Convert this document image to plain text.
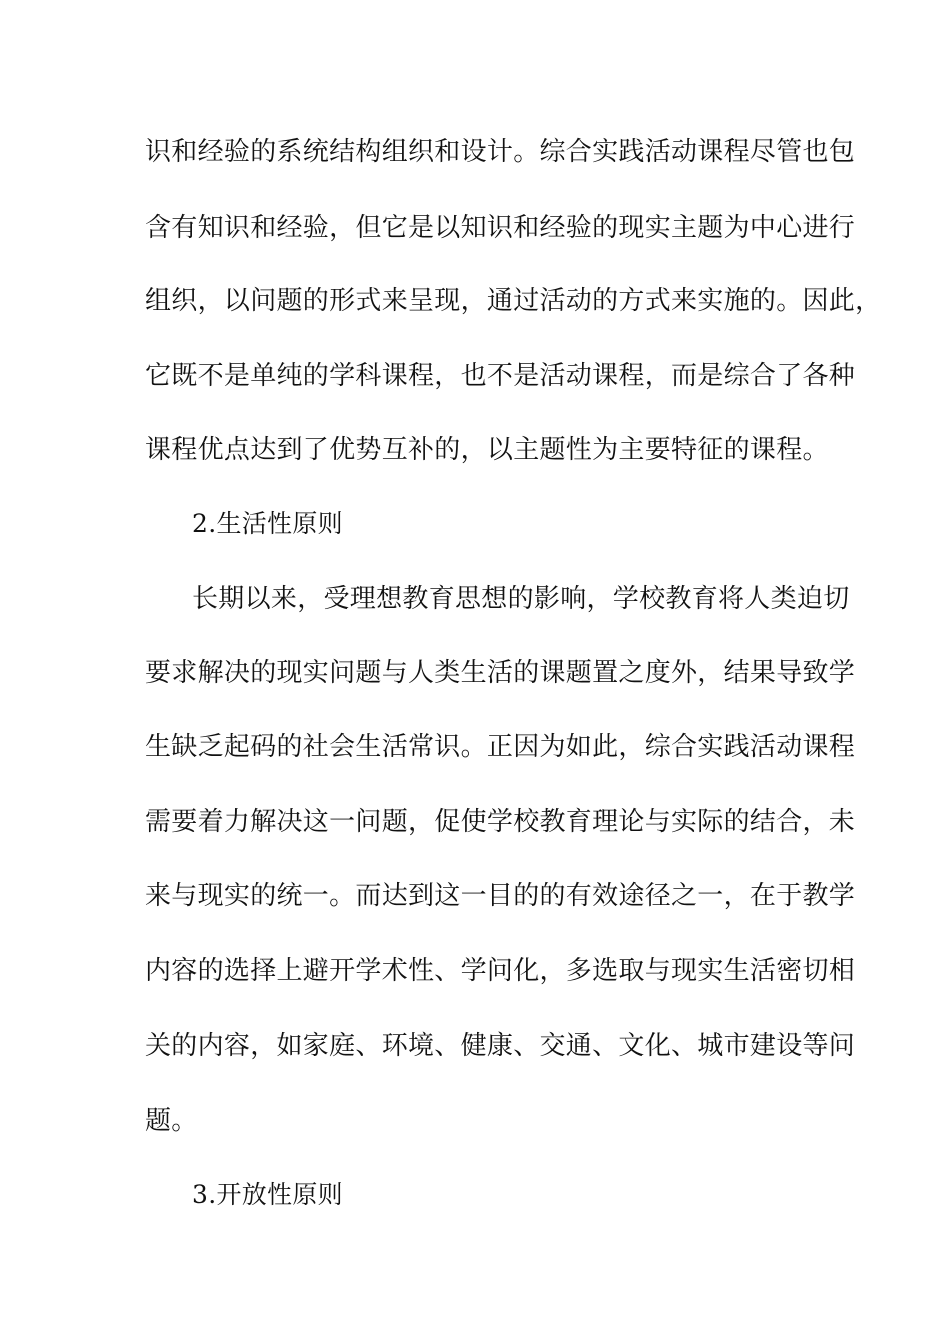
识和经验的系统结构组织和设计。综合实践活动课程尽管也包
含有知识和经验，但它是以知识和经验的现实主题为中心进行
组织，以问题的形式来呈现，通过活动的方式来实施的。因此，
它既不是单纯的学科课程，也不是活动课程，而是综合了各种
课程优点达到了优势互补的，以主题性为主要特征的课程。
2.生活性原则
长期以来，受理想教育思想的影响，学校教育将人类迫切
要求解决的现实问题与人类生活的课题置之度外，结果导致学
生缺乏起码的社会生活常识。正因为如此，综合实践活动课程
需要着力解决这一问题，促使学校教育理论与实际的结合，未
来与现实的统一。而达到这一目的的有效途径之一，在于教学
内容的选择上避开学术性、学问化，多选取与现实生活密切相
关的内容，如家庭、环境、健康、交通、文化、城市建设等问
题。
3.开放性原则
